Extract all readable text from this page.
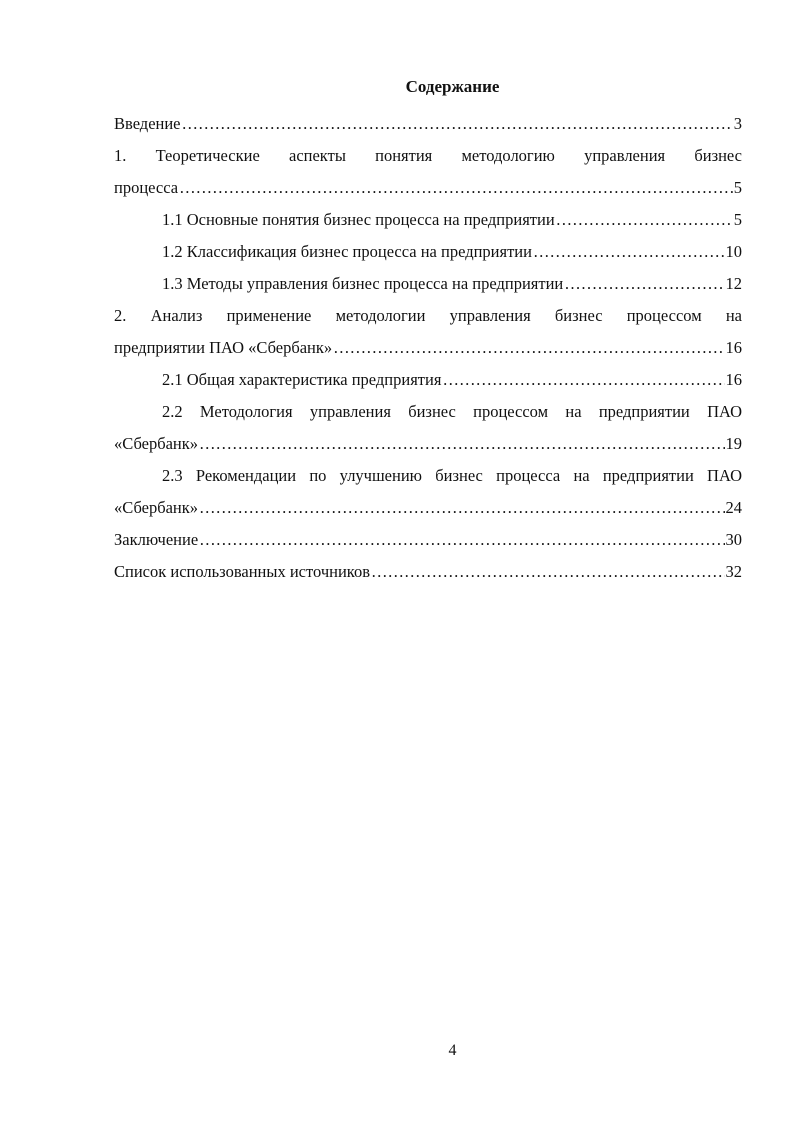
Содержание
Введение …………………………………………………………………………………………………………………………………………………………………………	3
1. Теоретические аспекты понятия методологию управления бизнес
процесса …………………………………………………………………………………………………………………………………………………………………………	5
1.1 Основные понятия бизнес процесса на предприятии …………………………………………………………………………………………………………………………………………………………………………	5
1.2 Классификация бизнес процесса на предприятии …………………………………………………………………………………………………………………………………………………………………………	10
1.3 Методы управления бизнес процесса на предприятии …………………………………………………………………………………………………………………………………………………………………………	12
2. Анализ применение методологии управления бизнес процессом на
предприятии ПАО «Сбербанк» …………………………………………………………………………………………………………………………………………………………………………	16
2.1 Общая характеристика предприятия …………………………………………………………………………………………………………………………………………………………………………	16
2.2 Методология управления бизнес процессом на предприятии ПАО
«Сбербанк» …………………………………………………………………………………………………………………………………………………………………………	19
2.3 Рекомендации по улучшению бизнес процесса на предприятии ПАО
«Сбербанк» …………………………………………………………………………………………………………………………………………………………………………	24
Заключение …………………………………………………………………………………………………………………………………………………………………………	30
Список использованных источников …………………………………………………………………………………………………………………………………………………………………………	32
4
